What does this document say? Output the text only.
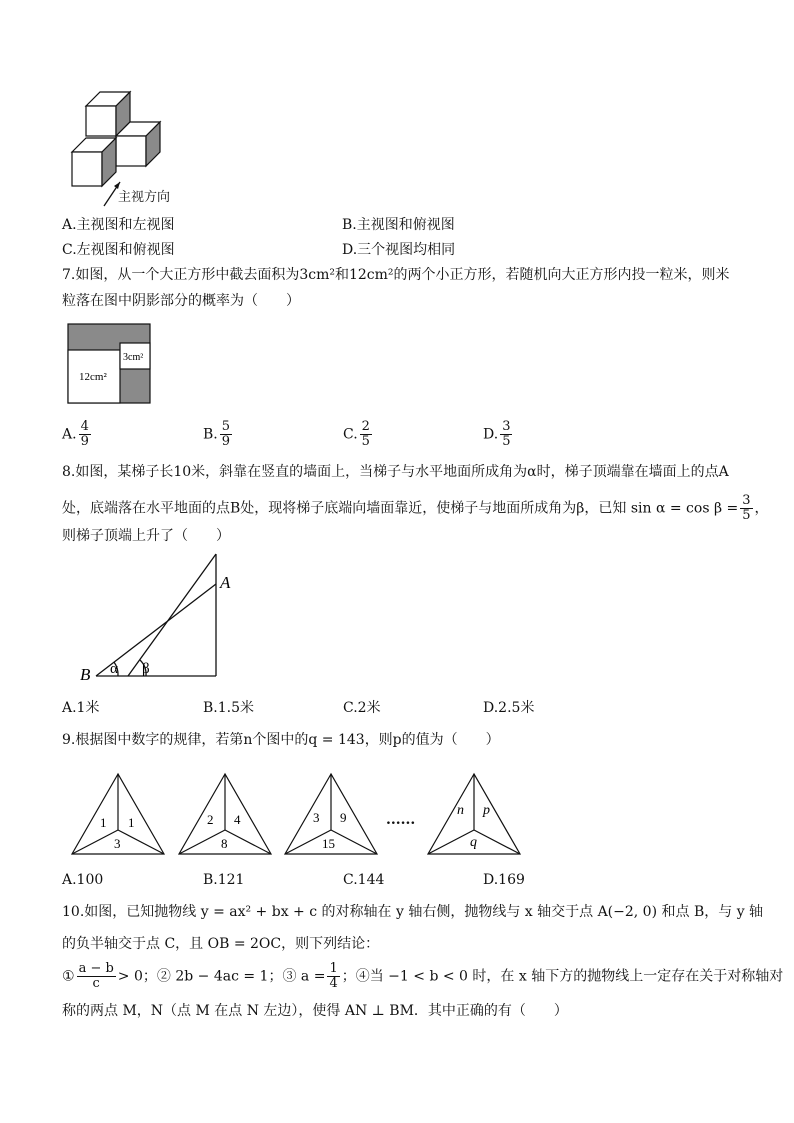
主视方向
A.主视图和左视图	B.主视图和俯视图
C.左视图和俯视图	D.三个视图均相同
7.如图，从一个大正方形中截去面积为3cm²和12cm²的两个小正方形，若随机向大正方形内投一粒米，则米
粒落在图中阴影部分的概率为（　　）
3cm²
12cm²
A. $\frac{4}{9}$	B. $\frac{5}{9}$	C. $\frac{2}{5}$	D. $\frac{3}{5}$
8.如图，某梯子长10米，斜靠在竖直的墙面上，当梯子与水平地面所成角为α时，梯子顶端靠在墙面上的点A
处，底端落在水平地面的点B处，现将梯子底端向墙面靠近，使梯子与地面所成角为β，已知 $\sin \alpha = \cos \beta = \frac{3}{5}$ ，
则梯子顶端上升了（　　）
B
A
α β
A.1米	B.1.5米	C.2米	D.2.5米
9.根据图中数字的规律，若第n个图中的q = 143，则p的值为（　　）
1 1
3
2 4
8
3 9
15
......
n p
q
A.100	B.121	C.144	D.169
10.如图，已知抛物线 y = ax² + bx + c 的对称轴在 y 轴右侧，抛物线与 x 轴交于点 A(−2, 0) 和点 B，与 y 轴
的负半轴交于点 C，且 OB = 2OC，则下列结论：
① $\frac{a - b}{c} > 0$；② 2b − 4ac = 1；③ $a = \frac{1}{4}$ ；④当 −1 < b < 0 时，在 x 轴下方的抛物线上一定存在关于对称轴对
称的两点 M，N（点 M 在点 N 左边），使得 AN ⊥ BM．其中正确的有（　　）
